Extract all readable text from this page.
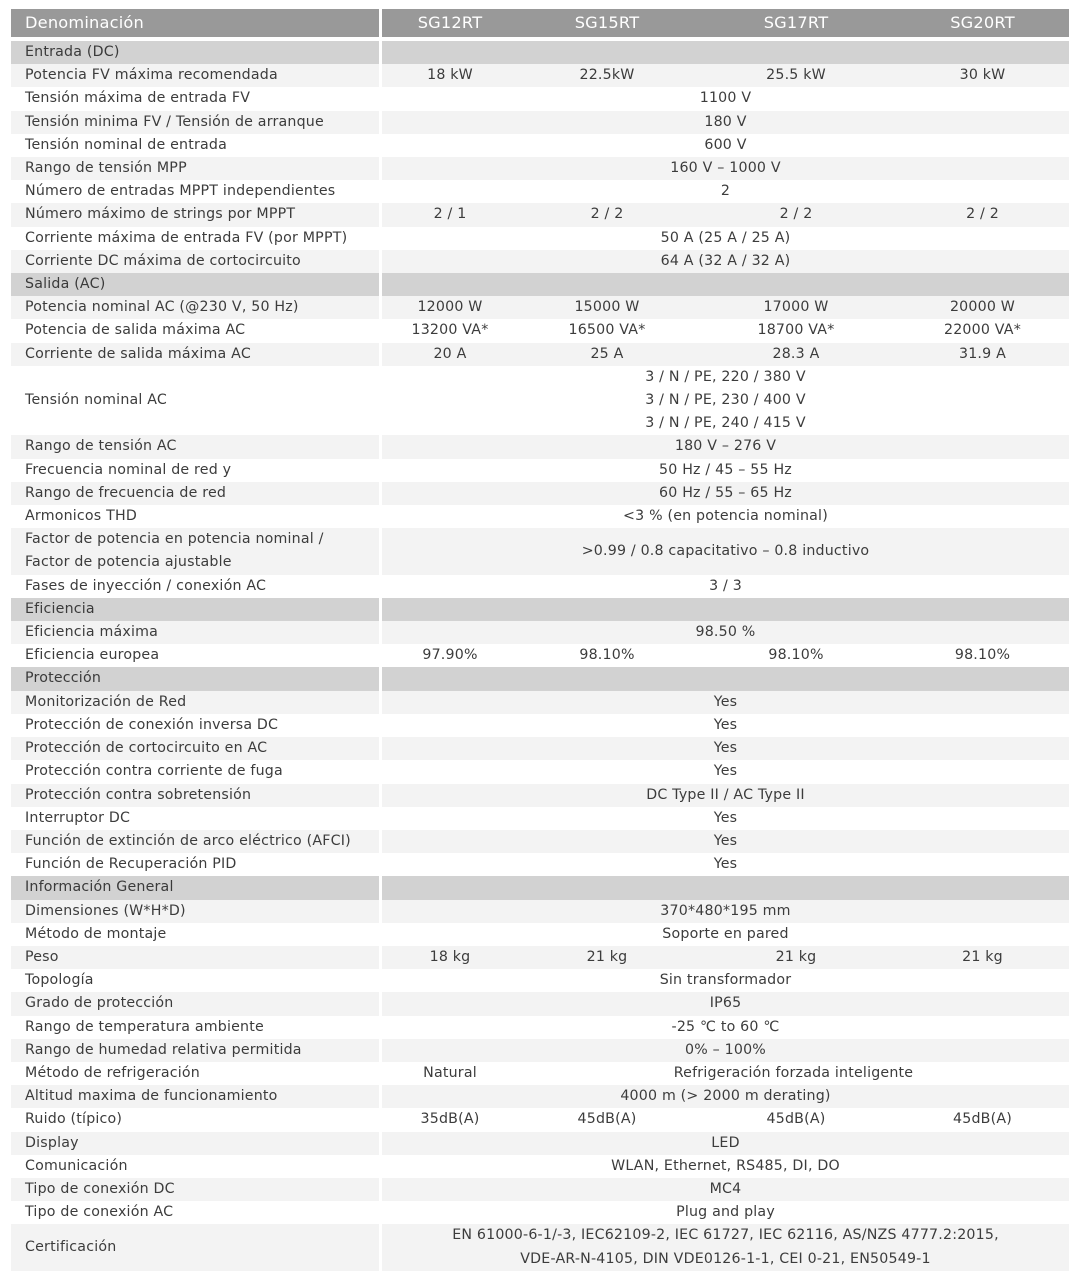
Denominación	SG12RT	SG15RT	SG17RT	SG20RT
Entrada (DC)				

Potencia FV máxima recomendada	18 kW	22.5kW	25.5 kW	30 kW

Tensión máxima de entrada FV	1100 V			

Tensión minima FV / Tensión de arranque	180 V			

Tensión nominal de entrada	600 V			

Rango de tensión MPP	160 V – 1000 V			

Número de entradas MPPT independientes	2			

Número máximo de strings por MPPT	2 / 1	2 / 2	2 / 2	2 / 2

Corriente máxima de entrada FV (por MPPT)	50 A (25 A / 25 A)			

Corriente DC máxima de cortocircuito	64 A (32 A / 32 A)			

Salida (AC)				

Potencia nominal AC (@230 V, 50 Hz)	12000 W	15000 W	17000 W	20000 W

Potencia de salida máxima AC	13200 VA*	16500 VA*	18700 VA*	22000 VA*

Corriente de salida máxima AC	20 A	25 A	28.3 A	31.9 A

Tensión nominal AC	3 / N / PE, 220 / 380 V
3 / N / PE, 230 / 400 V
3 / N / PE, 240 / 415 V			

Rango de tensión AC	180 V – 276 V			

Frecuencia nominal de red y	50 Hz / 45 – 55 Hz			

Rango de frecuencia de red	60 Hz / 55 – 65 Hz			

Armonicos THD	<3 % (en potencia nominal)			

Factor de potencia en potencia nominal /
Factor de potencia ajustable	>0.99 / 0.8 capacitativo – 0.8 inductivo			

Fases de inyección / conexión AC	3 / 3			

Eficiencia				

Eficiencia máxima	98.50 %			

Eficiencia europea	97.90%	98.10%	98.10%	98.10%

Protección				

Monitorización de Red	Yes			

Protección de conexión inversa DC	Yes			

Protección de cortocircuito en AC	Yes			

Protección contra corriente de fuga	Yes			

Protección contra sobretensión	DC Type II / AC Type II			

Interruptor DC	Yes			

Función de extinción de arco eléctrico (AFCI)	Yes			

Función de Recuperación PID	Yes			

Información General				

Dimensiones (W*H*D)	370*480*195 mm			

Método de montaje	Soporte en pared			

Peso	18 kg	21 kg	21 kg	21 kg

Topología	Sin transformador			

Grado de protección	IP65			

Rango de temperatura ambiente	-25 ℃ to 60 ℃			

Rango de humedad relativa permitida	0% – 100%			

Método de refrigeración	Natural	Refrigeración forzada inteligente		

Altitud maxima de funcionamiento	4000 m (> 2000 m derating)			

Ruido (típico)	35dB(A)	45dB(A)	45dB(A)	45dB(A)

Display	LED			

Comunicación	WLAN, Ethernet, RS485, DI, DO			

Tipo de conexión DC	MC4			

Tipo de conexión AC	Plug and play			

Certificación	EN 61000-6-1/-3, IEC62109-2, IEC 61727, IEC 62116, AS/NZS 4777.2:2015,
VDE-AR-N-4105, DIN VDE0126-1-1, CEI 0-21, EN50549-1			
